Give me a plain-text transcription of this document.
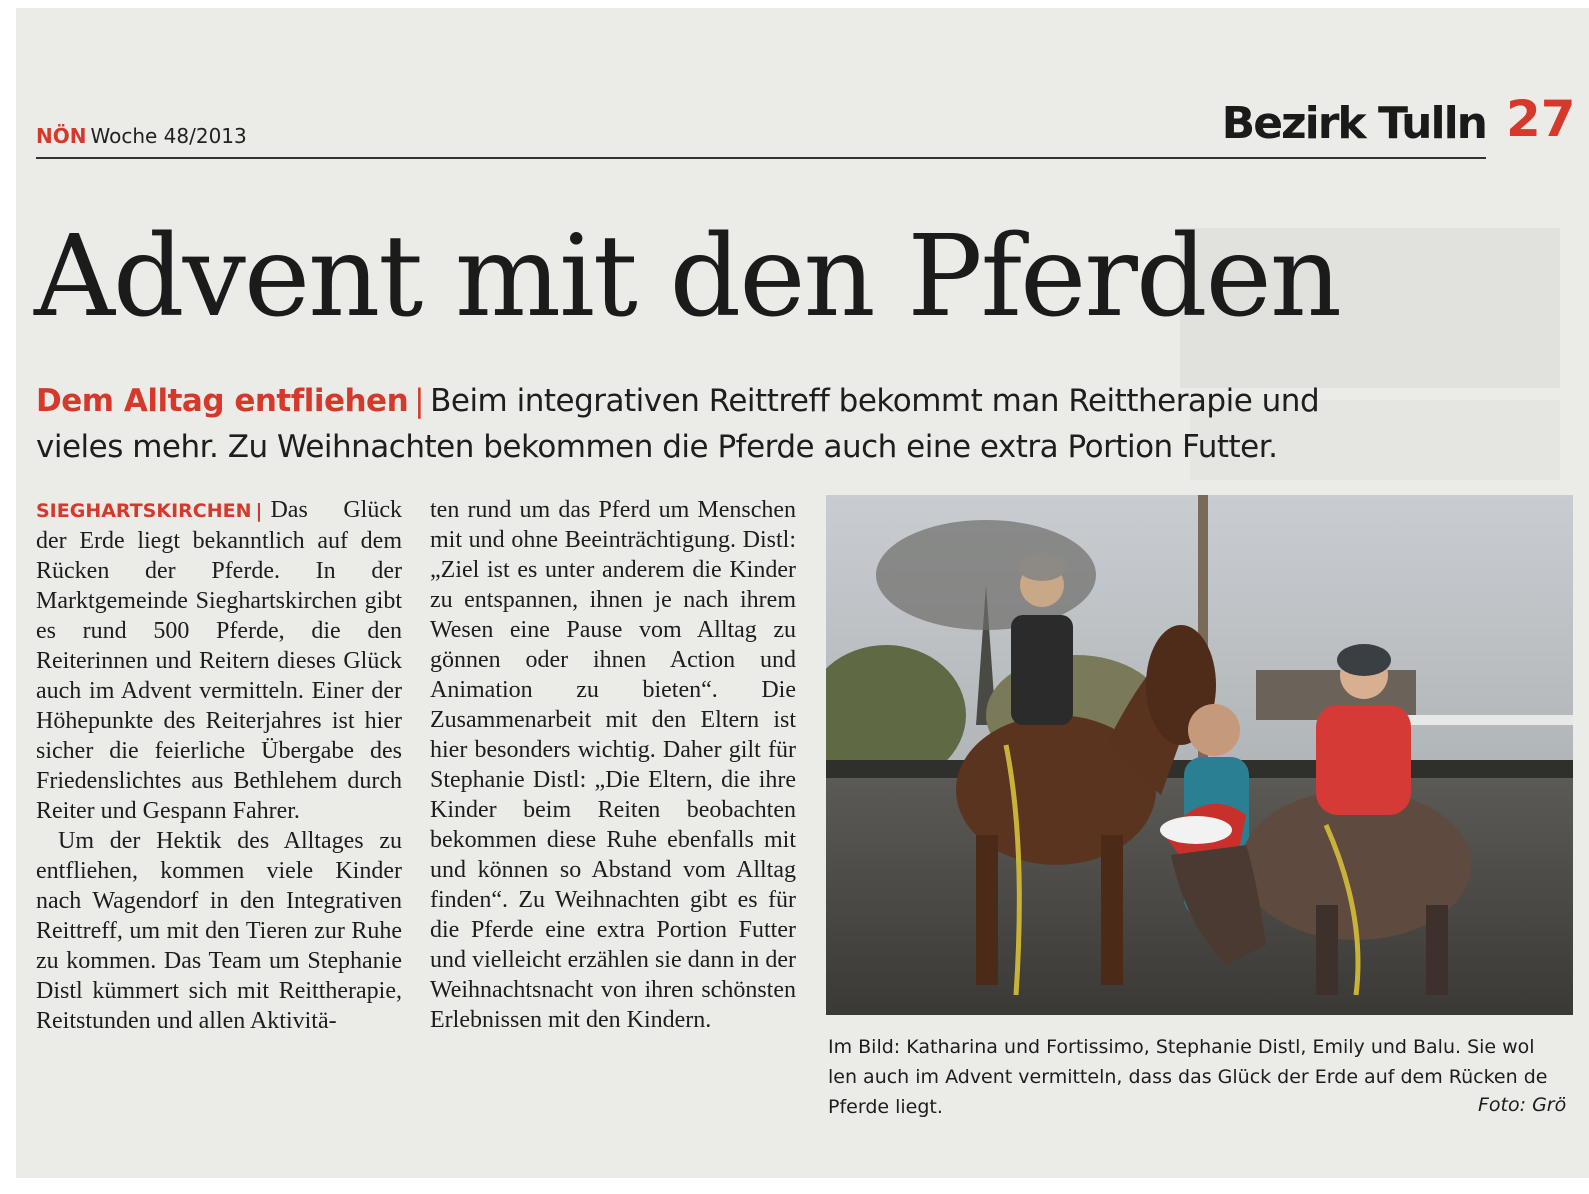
NÖN Woche 48/2013	Bezirk Tulln 27
Advent mit den Pferden
Dem Alltag entfliehen | Beim integrativen Reittreff bekommt man Reittherapie und vieles mehr. Zu Weihnachten bekommen die Pferde auch eine extra Portion Futter.

SIEGHARTSKIRCHEN | Das Glück der Erde liegt bekanntlich auf dem Rücken der Pferde. In der Marktgemeinde Sieghartskirchen gibt es rund 500 Pferde, die den Reiterinnen und Reitern dieses Glück auch im Advent vermitteln. Einer der Höhepunkte des Reiterjahres ist hier sicher die feierliche Übergabe des Friedenslichtes aus Bethlehem durch Reiter und Gespann Fahrer.

Um der Hektik des Alltages zu entfliehen, kommen viele Kinder nach Wagendorf in den Integrativen Reittreff, um mit den Tieren zur Ruhe zu kommen. Das Team um Stephanie Distl kümmert sich mit Reittherapie, Reitstunden und allen Aktivitä-

ten rund um das Pferd um Menschen mit und ohne Beeinträchtigung. Distl: „Ziel ist es unter anderem die Kinder zu entspannen, ihnen je nach ihrem Wesen eine Pause vom Alltag zu gönnen oder ihnen Action und Animation zu bieten“. Die Zusammenarbeit mit den Eltern ist hier besonders wichtig. Daher gilt für Stephanie Distl: „Die Eltern, die ihre Kinder beim Reiten beobachten bekommen diese Ruhe ebenfalls mit und können so Abstand vom Alltag finden“. Zu Weihnachten gibt es für die Pferde eine extra Portion Futter und vielleicht erzählen sie dann in der Weihnachtsnacht von ihren schönsten Erlebnissen mit den Kindern.

Im Bild: Katharina und Fortissimo, Stephanie Distl, Emily und Balu. Sie wol
len auch im Advent vermitteln, dass das Glück der Erde auf dem Rücken de
Pferde liegt.	Foto: Grö
